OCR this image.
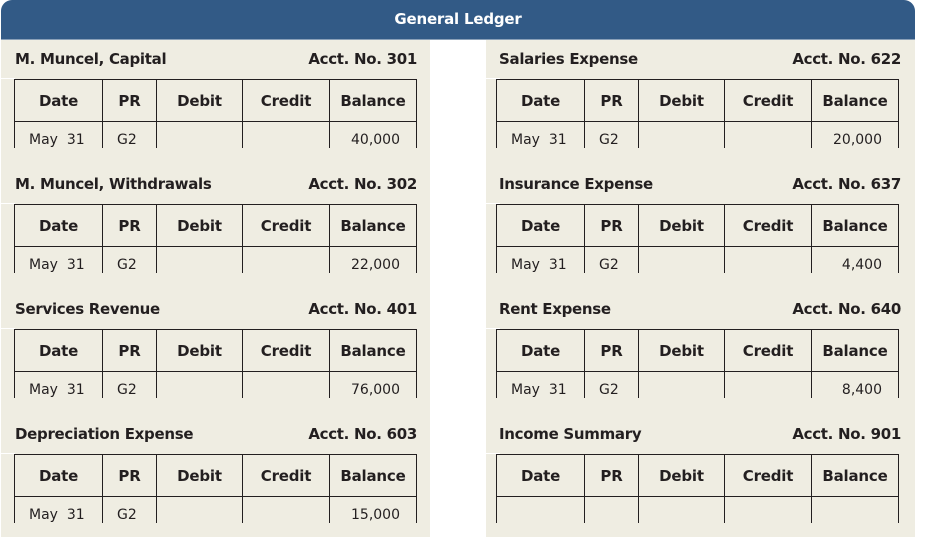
General Ledger
M. Muncel, Capital	Acct. No. 301
Date	PR	Debit	Credit	Balance
May  31	G2			40,000
M. Muncel, Withdrawals	Acct. No. 302
Date	PR	Debit	Credit	Balance
May  31	G2			22,000
Services Revenue	Acct. No. 401
Date	PR	Debit	Credit	Balance
May  31	G2			76,000
Depreciation Expense	Acct. No. 603
Date	PR	Debit	Credit	Balance
May  31	G2			15,000
Salaries Expense	Acct. No. 622
Date	PR	Debit	Credit	Balance
May  31	G2			20,000
Insurance Expense	Acct. No. 637
Date	PR	Debit	Credit	Balance
May  31	G2			4,400
Rent Expense	Acct. No. 640
Date	PR	Debit	Credit	Balance
May  31	G2			8,400
Income Summary	Acct. No. 901
Date	PR	Debit	Credit	Balance
